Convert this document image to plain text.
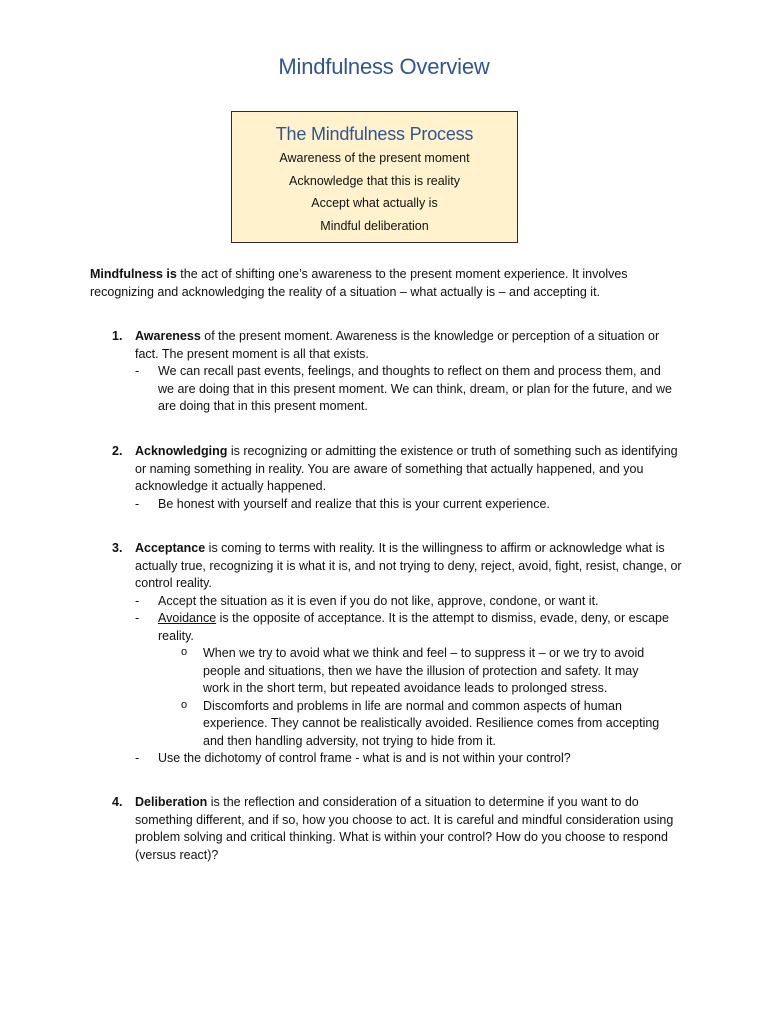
Mindfulness Overview
The Mindfulness Process
Awareness of the present moment
Acknowledge that this is reality
Accept what actually is
Mindful deliberation
Mindfulness is the act of shifting one’s awareness to the present moment experience. It involves recognizing and acknowledging the reality of a situation – what actually is – and accepting it.
1. Awareness of the present moment. Awareness is the knowledge or perception of a situation or fact. The present moment is all that exists.
- We can recall past events, feelings, and thoughts to reflect on them and process them, and we are doing that in this present moment. We can think, dream, or plan for the future, and we are doing that in this present moment.
2. Acknowledging is recognizing or admitting the existence or truth of something such as identifying or naming something in reality. You are aware of something that actually happened, and you acknowledge it actually happened.
- Be honest with yourself and realize that this is your current experience.
3. Acceptance is coming to terms with reality. It is the willingness to affirm or acknowledge what is actually true, recognizing it is what it is, and not trying to deny, reject, avoid, fight, resist, change, or control reality.
- Accept the situation as it is even if you do not like, approve, condone, or want it.
- Avoidance is the opposite of acceptance. It is the attempt to dismiss, evade, deny, or escape reality.
o When we try to avoid what we think and feel – to suppress it – or we try to avoid people and situations, then we have the illusion of protection and safety. It may work in the short term, but repeated avoidance leads to prolonged stress.
o Discomforts and problems in life are normal and common aspects of human experience. They cannot be realistically avoided. Resilience comes from accepting and then handling adversity, not trying to hide from it.
- Use the dichotomy of control frame - what is and is not within your control?
4. Deliberation is the reflection and consideration of a situation to determine if you want to do something different, and if so, how you choose to act. It is careful and mindful consideration using problem solving and critical thinking. What is within your control? How do you choose to respond (versus react)?
